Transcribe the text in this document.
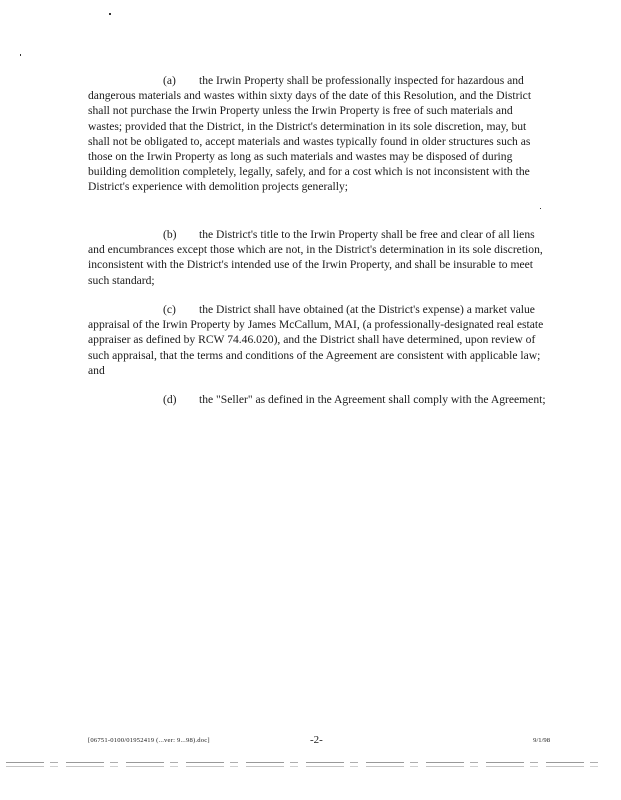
(a) the Irwin Property shall be professionally inspected for hazardous and dangerous materials and wastes within sixty days of the date of this Resolution, and the District shall not purchase the Irwin Property unless the Irwin Property is free of such materials and wastes; provided that the District, in the District's determination in its sole discretion, may, but shall not be obligated to, accept materials and wastes typically found in older structures such as those on the Irwin Property as long as such materials and wastes may be disposed of during building demolition completely, legally, safely, and for a cost which is not inconsistent with the District's experience with demolition projects generally;

(b) the District's title to the Irwin Property shall be free and clear of all liens and encumbrances except those which are not, in the District's determination in its sole discretion, inconsistent with the District's intended use of the Irwin Property, and shall be insurable to meet such standard;

(c) the District shall have obtained (at the District's expense) a market value appraisal of the Irwin Property by James McCallum, MAI, (a professionally-designated real estate appraiser as defined by RCW 74.46.020), and the District shall have determined, upon review of such appraisal, that the terms and conditions of the Agreement are consistent with applicable law; and

(d) the "Seller" as defined in the Agreement shall comply with the Agreement;

[06751-0100/01952419 (...ver: 9...98).doc]	-2-	9/1/98
